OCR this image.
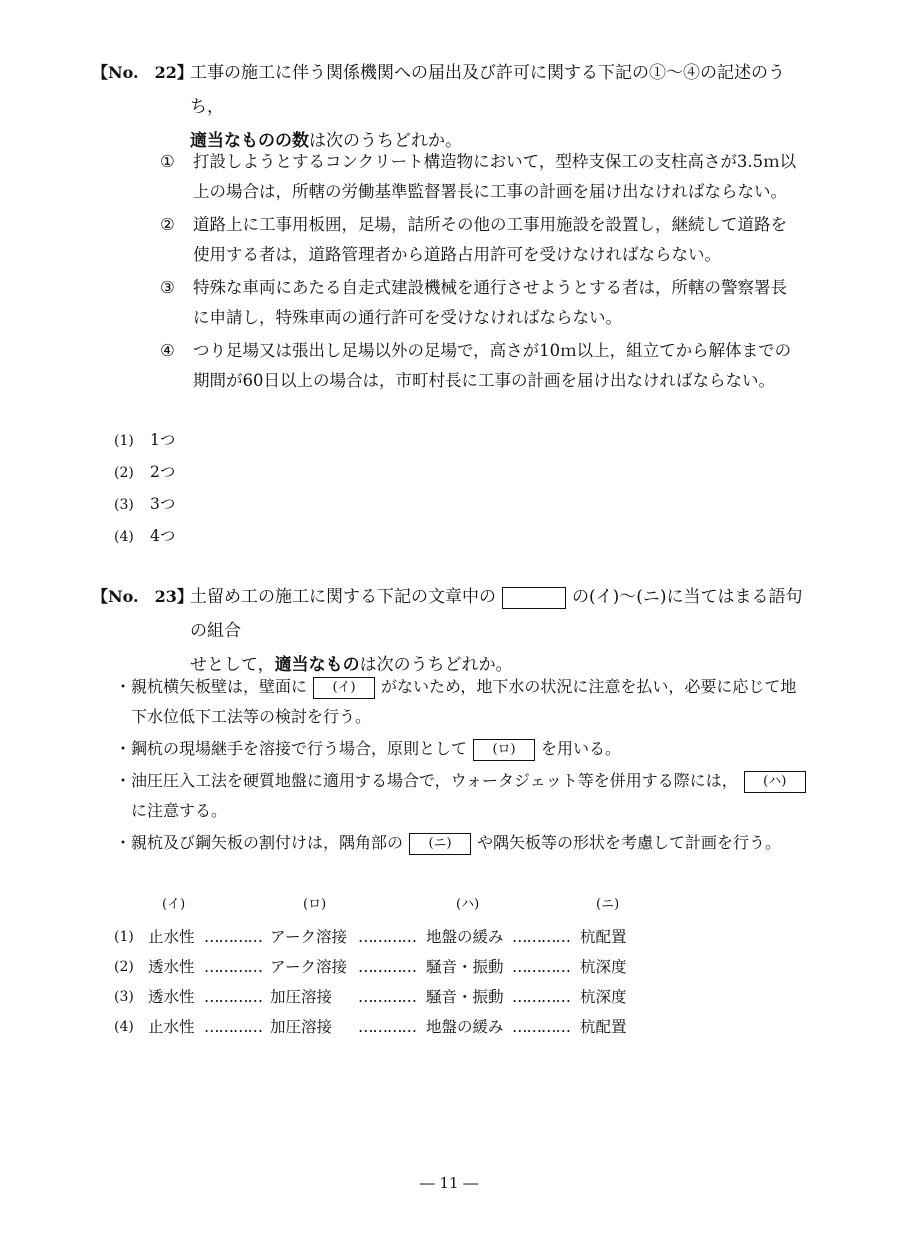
【No.　22】
工事の施工に伴う関係機関への届出及び許可に関する下記の①～④の記述のうち，
適当なものの数は次のうちどれか。
①	打設しようとするコンクリート構造物において，型枠支保工の支柱高さが3.5ｍ以上の場合は，所轄の労働基準監督署長に工事の計画を届け出なければならない。
②	道路上に工事用板囲，足場，詰所その他の工事用施設を設置し，継続して道路を使用する者は，道路管理者から道路占用許可を受けなければならない。
③	特殊な車両にあたる自走式建設機械を通行させようとする者は，所轄の警察署長に申請し，特殊車両の通行許可を受けなければならない。
④	つり足場又は張出し足場以外の足場で，高さが10ｍ以上，組立てから解体までの期間が60日以上の場合は，市町村長に工事の計画を届け出なければならない。
(1) 1つ
(2) 2つ
(3) 3つ
(4) 4つ
【No.　23】
土留め工の施工に関する下記の文章中の	の(イ)～(ニ)に当てはまる語句の組合
せとして，適当なものは次のうちどれか。
・親杭横矢板壁は，壁面に (イ) がないため，地下水の状況に注意を払い，必要に応じて地
下水位低下工法等の検討を行う。
・鋼杭の現場継手を溶接で行う場合，原則として (ロ) を用いる。
・油圧圧入工法を硬質地盤に適用する場合で，ウォータジェット等を併用する際には， (ハ)
に注意する。
・親杭及び鋼矢板の割付けは，隅角部の (ニ) や隅矢板等の形状を考慮して計画を行う。
(イ)	(ロ)	(ハ)	(ニ)
(1) 止水性 ………… アーク溶接 ………… 地盤の緩み ………… 杭配置
(2) 透水性 ………… アーク溶接 ………… 騒音・振動 ………… 杭深度
(3) 透水性 ………… 加圧溶接 ………… 騒音・振動 ………… 杭深度
(4) 止水性 ………… 加圧溶接 ………… 地盤の緩み ………… 杭配置
― 11 ―
